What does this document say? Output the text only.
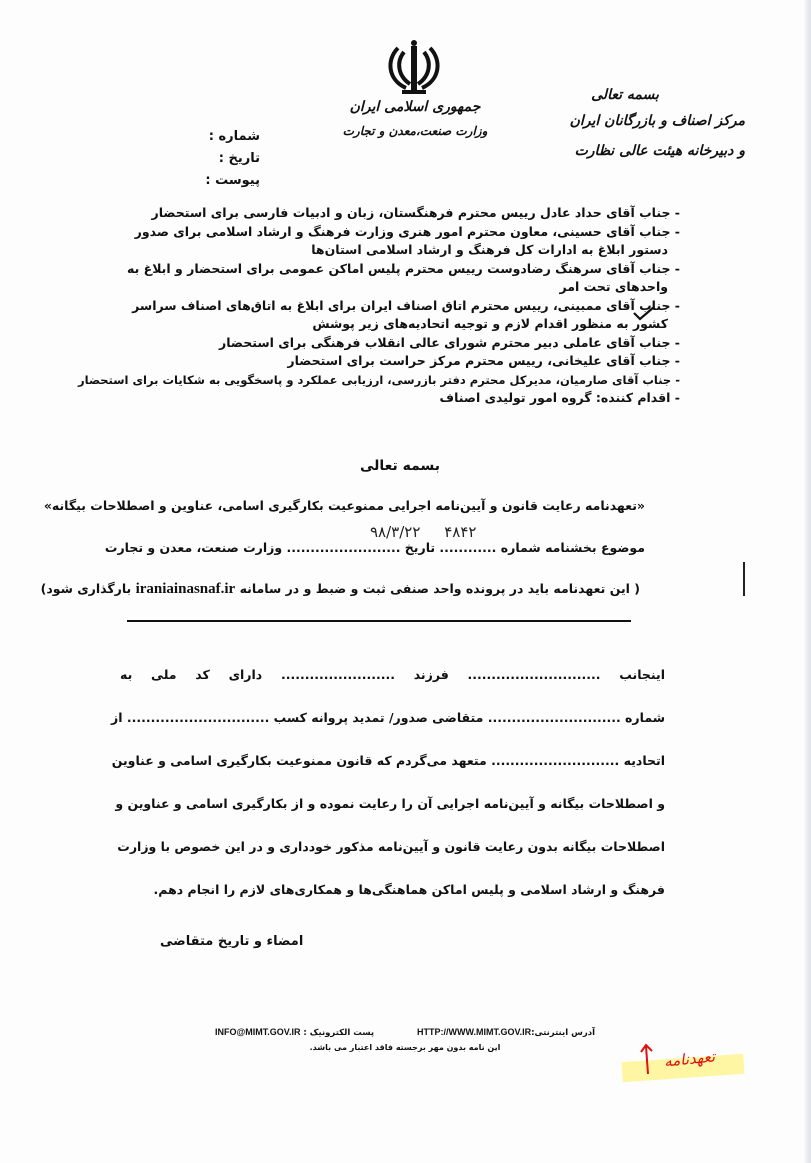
جمهوری اسلامی ایران
وزارت صنعت،معدن و تجارت
بسمه تعالی
مرکز اصناف و بازرگانان ایران
و دبیرخانه هیئت عالی نظارت
شماره :
تاریخ :
پیوست :
- جناب آقای حداد عادل رییس محترم فرهنگستان، زبان و ادبیات فارسی برای استحضار
- جناب آقای حسینی، معاون محترم امور هنری وزارت فرهنگ و ارشاد اسلامی برای صدور
دستور ابلاغ به ادارات کل فرهنگ و ارشاد اسلامی استان‌ها
- جناب آقای سرهنگ رضادوست رییس محترم پلیس اماکن عمومی برای استحضار و ابلاغ به
واحدهای تحت امر
- جناب آقای ممبینی، رییس محترم اتاق اصناف ایران برای ابلاغ به اتاق‌های اصناف سراسر
کشور به منظور اقدام لازم و توجیه اتحادیه‌های زیر پوشش
- جناب آقای عاملی دبیر محترم شورای عالی انقلاب فرهنگی برای استحضار
- جناب آقای علیخانی، رییس محترم مرکز حراست برای استحضار
- جناب آقای صارمیان، مدیرکل محترم دفتر بازرسی، ارزیابی عملکرد و پاسخگویی به شکایات برای استحضار
- اقدام کننده: گروه امور تولیدی اصناف
بسمه تعالی
«تعهدنامه رعایت قانون و آیین‌نامه اجرایی ممنوعیت بکارگیری اسامی، عناوین و اصطلاحات بیگانه»
۹۸/۳/۲۲ ۴۸۴۲
موضوع بخشنامه شماره ............ تاریخ ........................ وزارت صنعت، معدن و تجارت
( این تعهدنامه باید در پرونده واحد صنفی ثبت و ضبط و در سامانه iraniainasnaf.ir بارگذاری شود)
اینجانب ............................ فرزند ........................ دارای کد ملی به
شماره ............................ متقاضی صدور/ تمدید پروانه کسب .............................. از
اتحادیه ........................... متعهد می‌گردم که قانون ممنوعیت بکارگیری اسامی و عناوین
و اصطلاحات بیگانه و آیین‌نامه اجرایی آن را رعایت نموده و از بکارگیری اسامی و عناوین و
اصطلاحات بیگانه بدون رعایت قانون و آیین‌نامه مذکور خودداری و در این خصوص با وزارت
فرهنگ و ارشاد اسلامی و پلیس اماکن هماهنگی‌ها و همکاری‌های لازم را انجام دهم.
امضاء و تاریخ متقاضی
آدرس اینترنتی:HTTP://WWW.MIMT.GOV.IR
پست الکترونیک : INFO@MIMT.GOV.IR
این نامه بدون مهر برجسته فاقد اعتبار می باشد.	تعهدنامه
